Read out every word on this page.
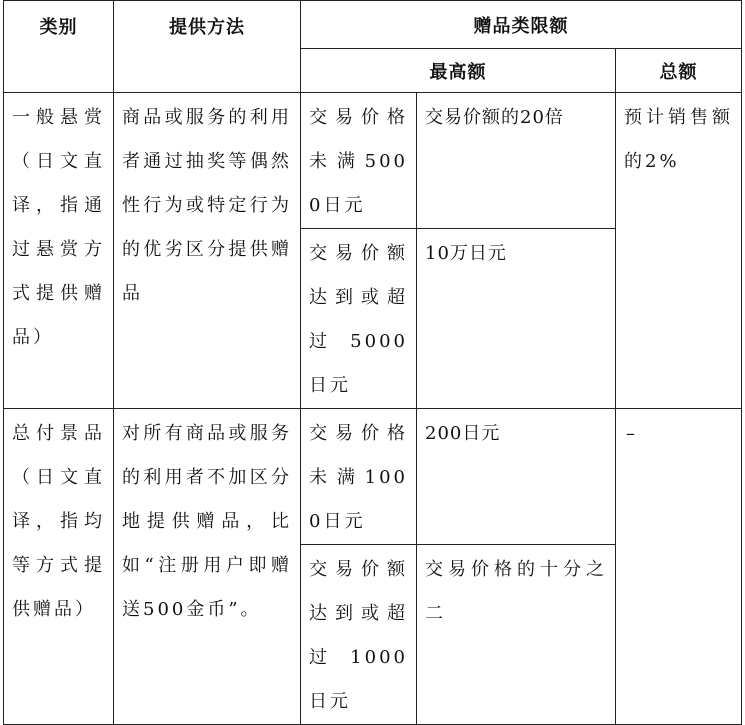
类别	提供方法	赠品类限额		
		最高额		总额
一般悬赏（日文直译，指通过悬赏方式提供赠品）	商品或服务的利用者通过抽奖等偶然性行为或特定行为的优劣区分提供赠品	交易价格未满5000日元	交易价额的20倍	预计销售额的2%
		交易价额达到或超过5000日元	10万日元	
总付景品（日文直译，指均等方式提供赠品）	对所有商品或服务的利用者不加区分地提供赠品，比如“注册用户即赠送500金币”。	交易价格未满1000日元	200日元	–
		交易价额达到或超过1000日元	交易价格的十分之二	
